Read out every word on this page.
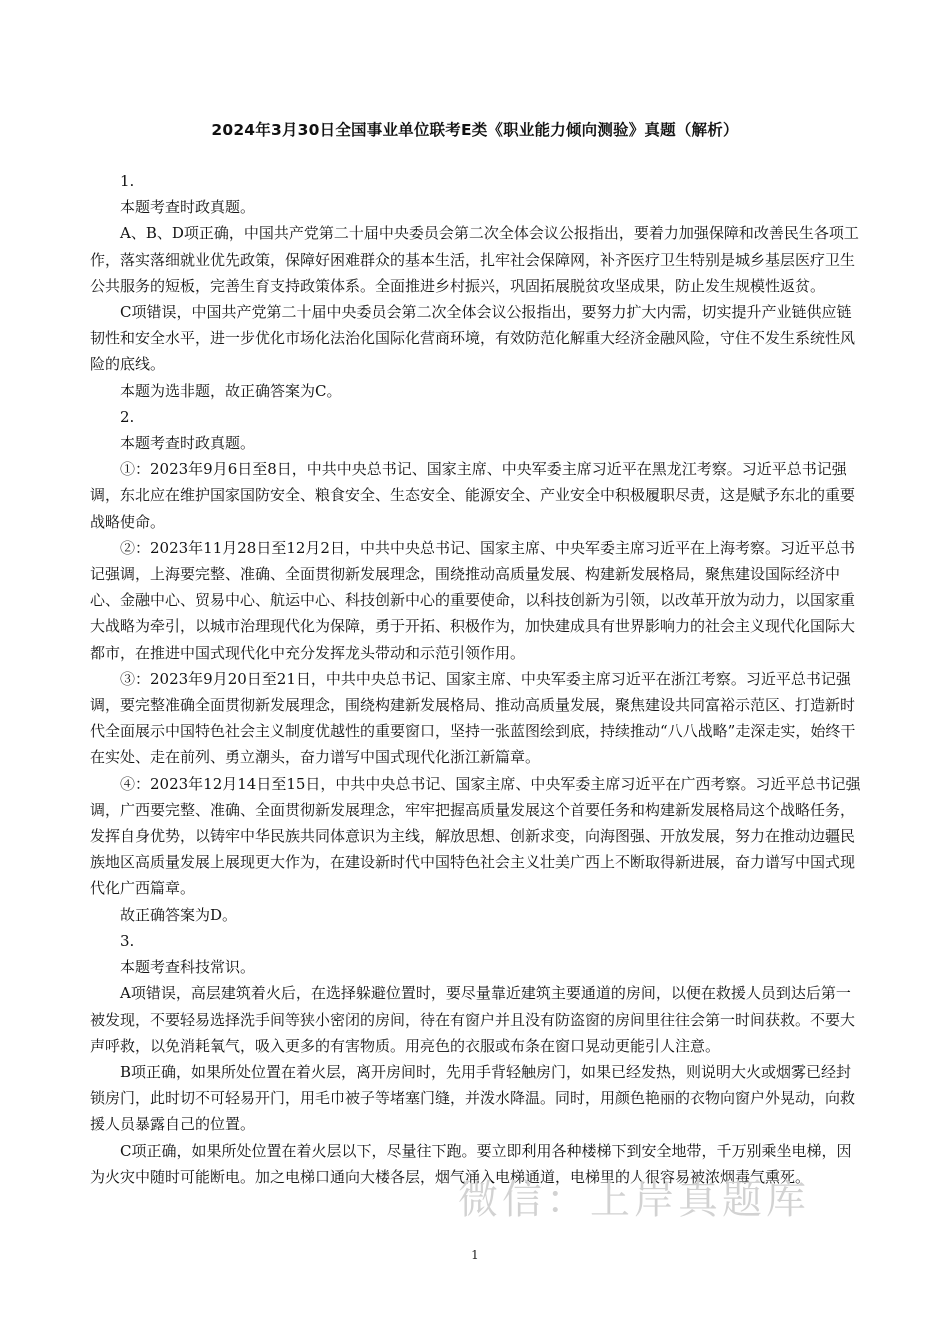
2024年3月30日全国事业单位联考E类《职业能力倾向测验》真题（解析）

1.

本题考查时政真题。

A、B、D项正确，中国共产党第二十届中央委员会第二次全体会议公报指出，要着力加强保障和改善民生各项工作，落实落细就业优先政策，保障好困难群众的基本生活，扎牢社会保障网，补齐医疗卫生特别是城乡基层医疗卫生公共服务的短板，完善生育支持政策体系。全面推进乡村振兴，巩固拓展脱贫攻坚成果，防止发生规模性返贫。

C项错误，中国共产党第二十届中央委员会第二次全体会议公报指出，要努力扩大内需，切实提升产业链供应链韧性和安全水平，进一步优化市场化法治化国际化营商环境，有效防范化解重大经济金融风险，守住不发生系统性风险的底线。

本题为选非题，故正确答案为C。

2.

本题考查时政真题。

①：2023年9月6日至8日，中共中央总书记、国家主席、中央军委主席习近平在黑龙江考察。习近平总书记强调，东北应在维护国家国防安全、粮食安全、生态安全、能源安全、产业安全中积极履职尽责，这是赋予东北的重要战略使命。

②：2023年11月28日至12月2日，中共中央总书记、国家主席、中央军委主席习近平在上海考察。习近平总书记强调，上海要完整、准确、全面贯彻新发展理念，围绕推动高质量发展、构建新发展格局，聚焦建设国际经济中心、金融中心、贸易中心、航运中心、科技创新中心的重要使命，以科技创新为引领，以改革开放为动力，以国家重大战略为牵引，以城市治理现代化为保障，勇于开拓、积极作为，加快建成具有世界影响力的社会主义现代化国际大都市，在推进中国式现代化中充分发挥龙头带动和示范引领作用。

③：2023年9月20日至21日，中共中央总书记、国家主席、中央军委主席习近平在浙江考察。习近平总书记强调，要完整准确全面贯彻新发展理念，围绕构建新发展格局、推动高质量发展，聚焦建设共同富裕示范区、打造新时代全面展示中国特色社会主义制度优越性的重要窗口，坚持一张蓝图绘到底，持续推动“八八战略”走深走实，始终干在实处、走在前列、勇立潮头，奋力谱写中国式现代化浙江新篇章。

④：2023年12月14日至15日，中共中央总书记、国家主席、中央军委主席习近平在广西考察。习近平总书记强调，广西要完整、准确、全面贯彻新发展理念，牢牢把握高质量发展这个首要任务和构建新发展格局这个战略任务，发挥自身优势，以铸牢中华民族共同体意识为主线，解放思想、创新求变，向海图强、开放发展，努力在推动边疆民族地区高质量发展上展现更大作为，在建设新时代中国特色社会主义壮美广西上不断取得新进展，奋力谱写中国式现代化广西篇章。

故正确答案为D。

3.

本题考查科技常识。

A项错误，高层建筑着火后，在选择躲避位置时，要尽量靠近建筑主要通道的房间，以便在救援人员到达后第一被发现，不要轻易选择洗手间等狭小密闭的房间，待在有窗户并且没有防盗窗的房间里往往会第一时间获救。不要大声呼救，以免消耗氧气，吸入更多的有害物质。用亮色的衣服或布条在窗口晃动更能引人注意。

B项正确，如果所处位置在着火层，离开房间时，先用手背轻触房门，如果已经发热，则说明大火或烟雾已经封锁房门，此时切不可轻易开门，用毛巾被子等堵塞门缝，并泼水降温。同时，用颜色艳丽的衣物向窗户外晃动，向救援人员暴露自己的位置。

C项正确，如果所处位置在着火层以下，尽量往下跑。要立即利用各种楼梯下到安全地带，千万别乘坐电梯，因为火灾中随时可能断电。加之电梯口通向大楼各层，烟气涌入电梯通道，电梯里的人很容易被浓烟毒气熏死。

微信：上岸真题库
1
